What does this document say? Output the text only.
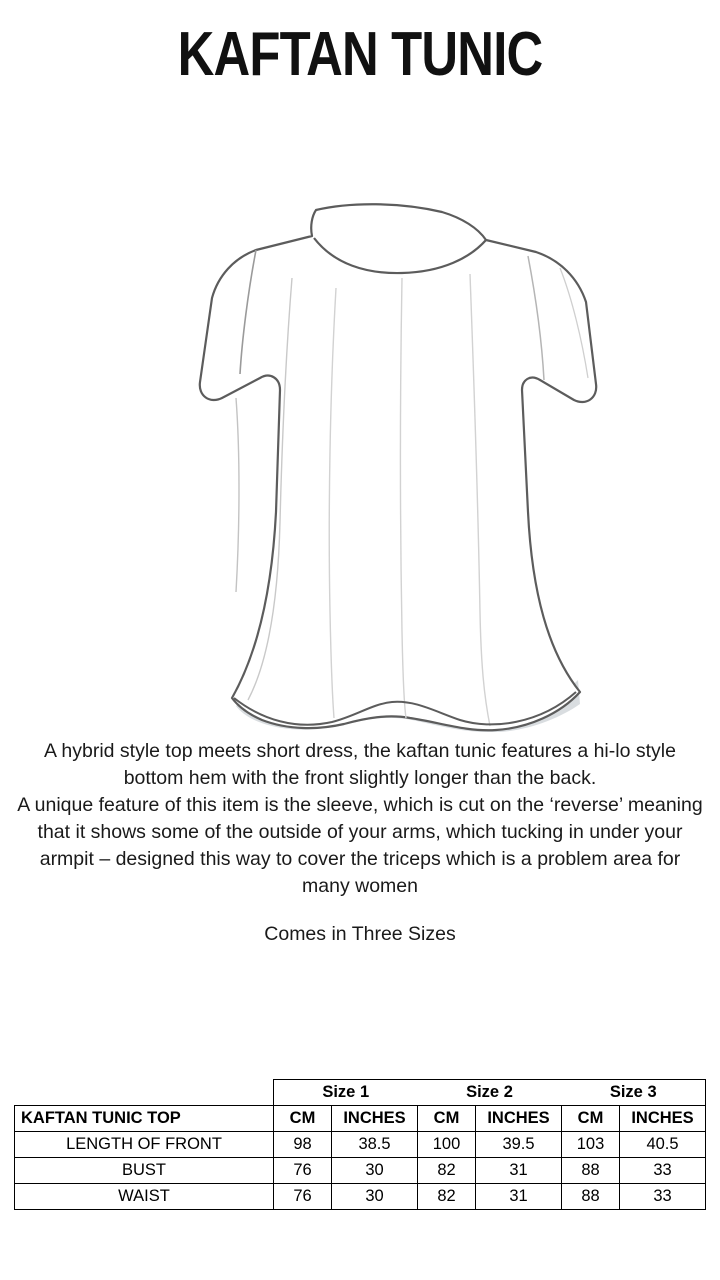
KAFTAN TUNIC

A hybrid style top meets short dress, the kaftan tunic features a hi-lo style bottom hem with the front slightly longer than the back.

A unique feature of this item is the sleeve, which is cut on the ‘reverse’ meaning that it shows some of the outside of your arms, which tucking in under your armpit – designed this way to cover the triceps which is a problem area for many women

Comes in Three Sizes
	Size 1		Size 2		Size 3	
KAFTAN TUNIC TOP	CM	INCHES	CM	INCHES	CM	INCHES
LENGTH OF FRONT	98	38.5	100	39.5	103	40.5
BUST	76	30	82	31	88	33
WAIST	76	30	82	31	88	33
